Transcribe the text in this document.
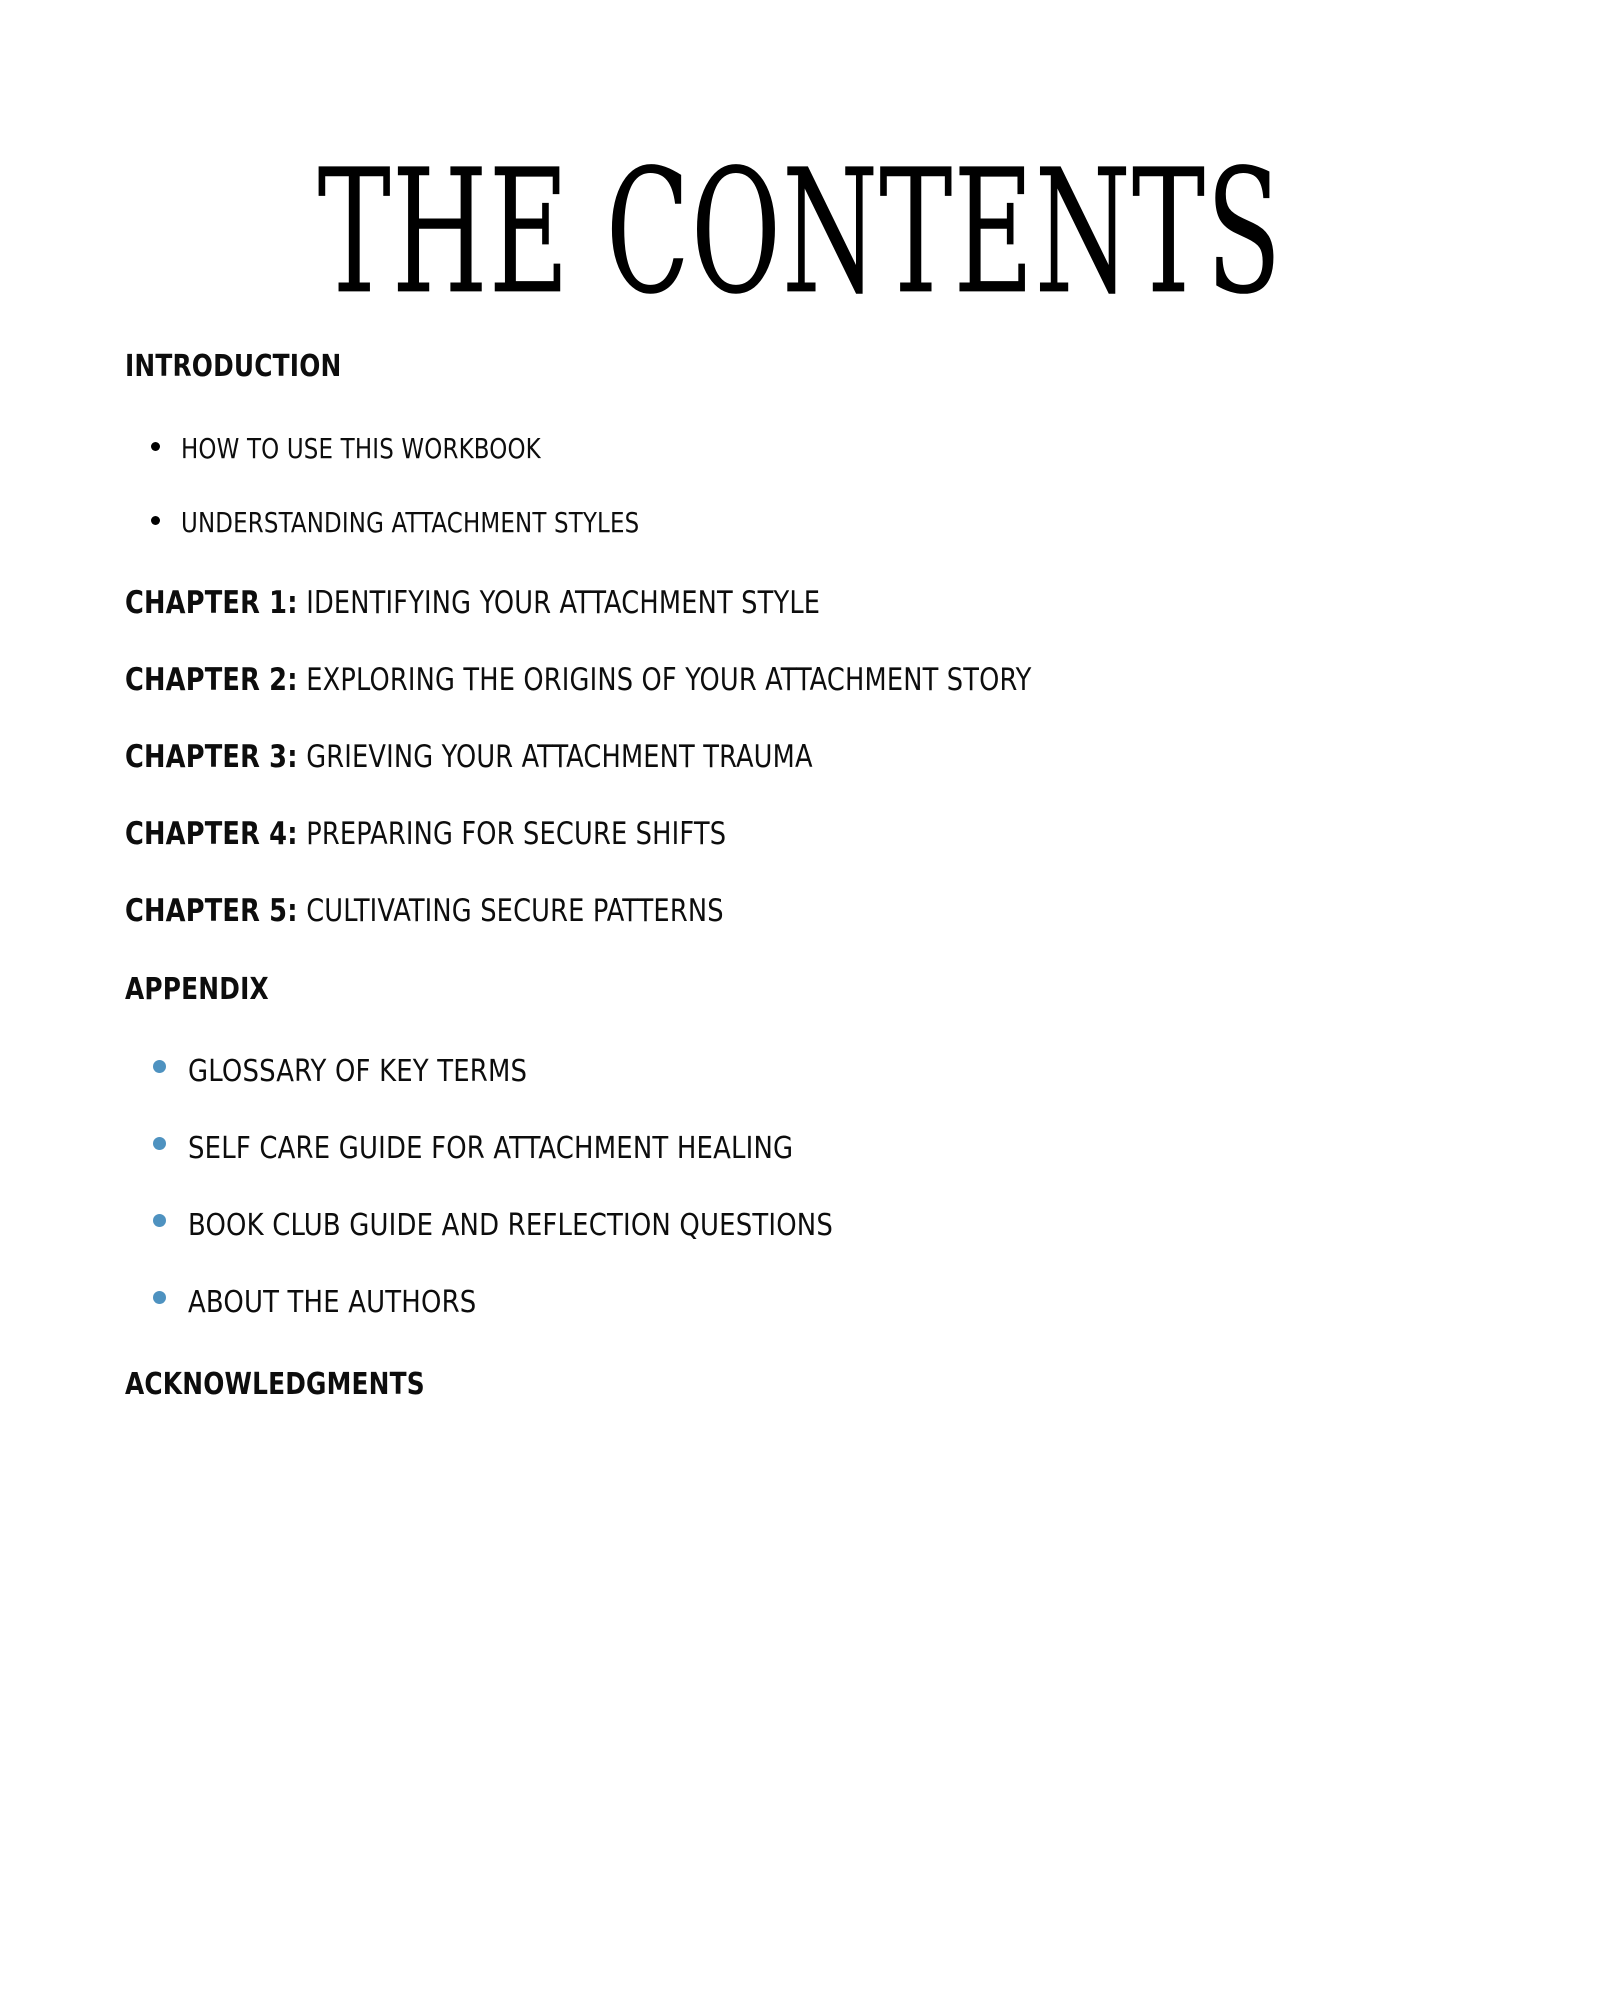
THE CONTENTS
INTRODUCTION
HOW TO USE THIS WORKBOOK
UNDERSTANDING ATTACHMENT STYLES
CHAPTER 1: IDENTIFYING YOUR ATTACHMENT STYLE
CHAPTER 2: EXPLORING THE ORIGINS OF YOUR ATTACHMENT STORY
CHAPTER 3: GRIEVING YOUR ATTACHMENT TRAUMA
CHAPTER 4: PREPARING FOR SECURE SHIFTS
CHAPTER 5: CULTIVATING SECURE PATTERNS
APPENDIX
GLOSSARY OF KEY TERMS
SELF CARE GUIDE FOR ATTACHMENT HEALING
BOOK CLUB GUIDE AND REFLECTION QUESTIONS
ABOUT THE AUTHORS
ACKNOWLEDGMENTS
